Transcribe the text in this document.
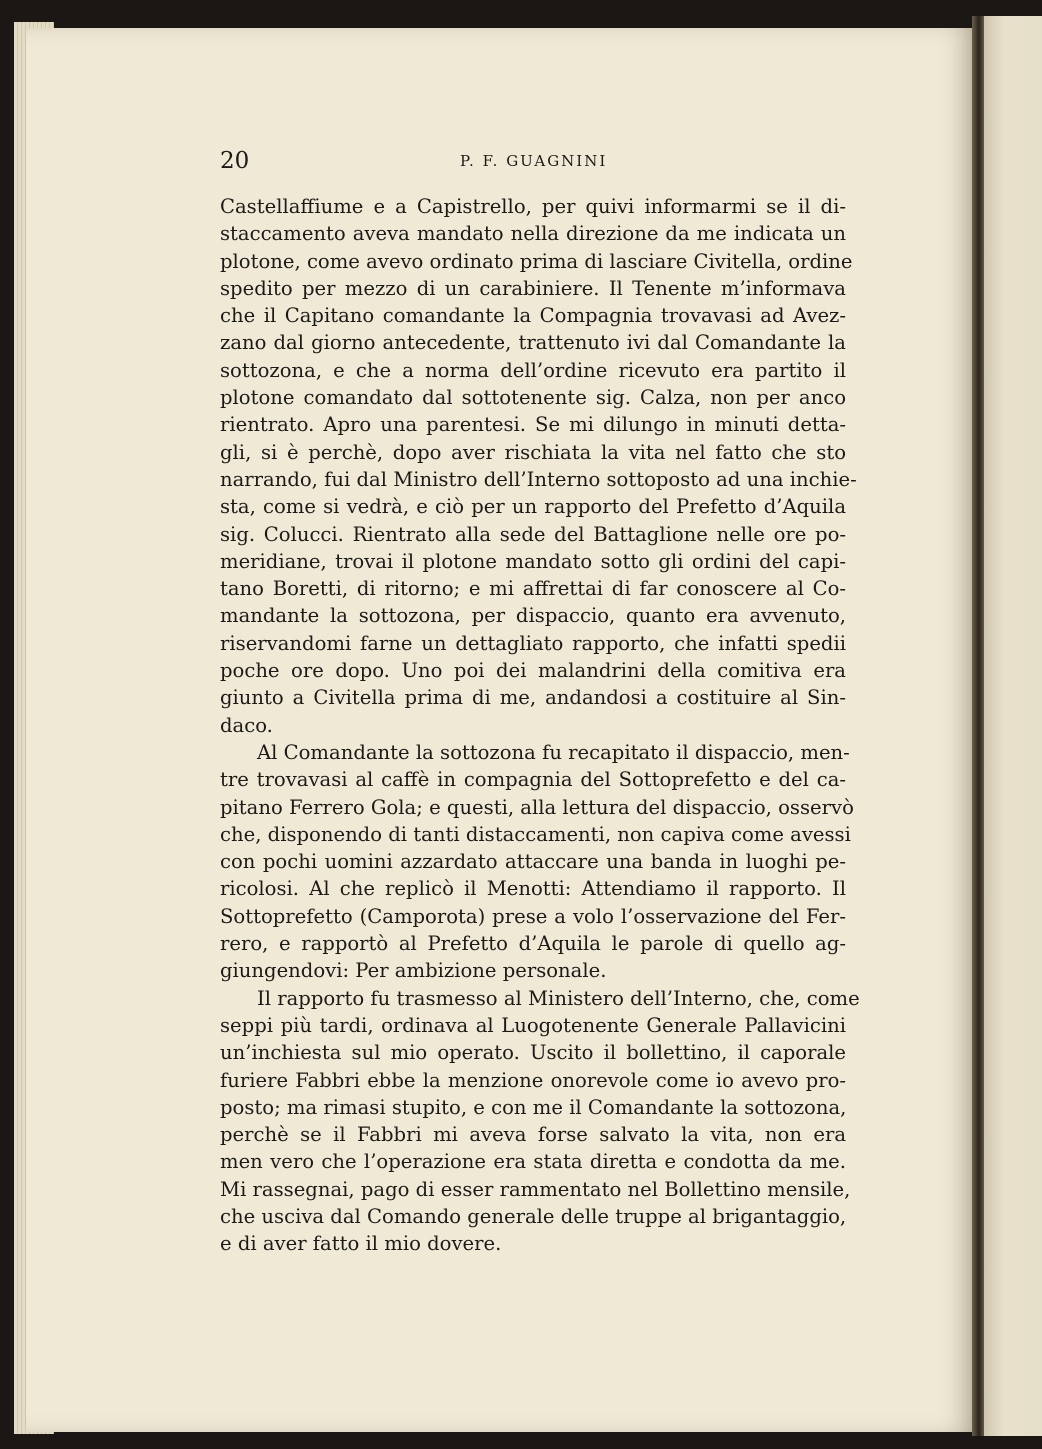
20	P. F. GUAGNINI
Castellaffiume e a Capistrello, per quivi informarmi se il di-
staccamento aveva mandato nella direzione da me indicata un
plotone, come avevo ordinato prima di lasciare Civitella, ordine
spedito per mezzo di un carabiniere. Il Tenente m’informava
che il Capitano comandante la Compagnia trovavasi ad Avez-
zano dal giorno antecedente, trattenuto ivi dal Comandante la
sottozona, e che a norma dell’ordine ricevuto era partito il
plotone comandato dal sottotenente sig. Calza, non per anco
rientrato. Apro una parentesi. Se mi dilungo in minuti detta-
gli, si è perchè, dopo aver rischiata la vita nel fatto che sto
narrando, fui dal Ministro dell’Interno sottoposto ad una inchie-
sta, come si vedrà, e ciò per un rapporto del Prefetto d’Aquila
sig. Colucci. Rientrato alla sede del Battaglione nelle ore po-
meridiane, trovai il plotone mandato sotto gli ordini del capi-
tano Boretti, di ritorno; e mi affrettai di far conoscere al Co-
mandante la sottozona, per dispaccio, quanto era avvenuto,
riservandomi farne un dettagliato rapporto, che infatti spedii
poche ore dopo. Uno poi dei malandrini della comitiva era
giunto a Civitella prima di me, andandosi a costituire al Sin-
daco.
Al Comandante la sottozona fu recapitato il dispaccio, men-
tre trovavasi al caffè in compagnia del Sottoprefetto e del ca-
pitano Ferrero Gola; e questi, alla lettura del dispaccio, osservò
che, disponendo di tanti distaccamenti, non capiva come avessi
con pochi uomini azzardato attaccare una banda in luoghi pe-
ricolosi. Al che replicò il Menotti: Attendiamo il rapporto. Il
Sottoprefetto (Camporota) prese a volo l’osservazione del Fer-
rero, e rapportò al Prefetto d’Aquila le parole di quello ag-
giungendovi: Per ambizione personale.
Il rapporto fu trasmesso al Ministero dell’Interno, che, come
seppi più tardi, ordinava al Luogotenente Generale Pallavicini
un’inchiesta sul mio operato. Uscito il bollettino, il caporale
furiere Fabbri ebbe la menzione onorevole come io avevo pro-
posto; ma rimasi stupito, e con me il Comandante la sottozona,
perchè se il Fabbri mi aveva forse salvato la vita, non era
men vero che l’operazione era stata diretta e condotta da me.
Mi rassegnai, pago di esser rammentato nel Bollettino mensile,
che usciva dal Comando generale delle truppe al brigantaggio,
e di aver fatto il mio dovere.
